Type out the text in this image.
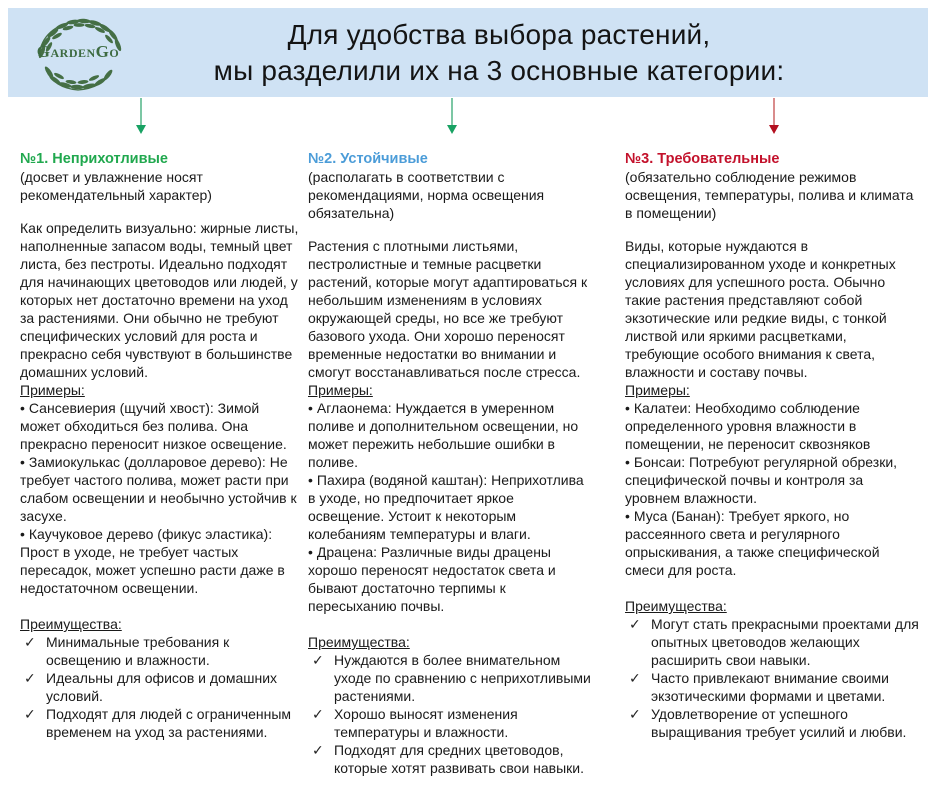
GardenGo
Для удобства выбора растений,
мы разделили их на 3 основные категории:
№1. Неприхотливые

(досвет и увлажнение носят рекомендательный характер)

Как определить визуально: жирные листы, наполненные запасом воды, темный цвет листа, без пестроты. Идеально подходят для начинающих цветоводов или людей, у которых нет достаточно времени на уход за растениями. Они обычно не требуют специфических условий для роста и прекрасно себя чувствуют в большинстве домашних условий.

Примеры:

• Сансевиерия (щучий хвост): Зимой может обходиться без полива. Она прекрасно переносит низкое освещение.

• Замиокулькас (долларовое дерево): Не требует частого полива, может расти при слабом освещении и необычно устойчив к засухе.

• Каучуковое дерево (фикус эластика): Прост в уходе, не требует частых пересадок, может успешно расти даже в недостаточном освещении.

Преимущества:

✓ Минимальные требования к освещению и влажности.
✓ Идеальны для офисов и домашних условий.
✓ Подходят для людей с ограниченным временем на уход за растениями.
№2. Устойчивые

(располагать в соответствии с рекомендациями, норма освещения обязательна)

Растения с плотными листьями, пестролистные и темные расцветки растений, которые могут адаптироваться к небольшим изменениям в условиях окружающей среды, но все же требуют базового ухода. Они хорошо переносят временные недостатки во внимании и смогут восстанавливаться после стресса.

Примеры:

• Аглаонема: Нуждается в умеренном поливе и дополнительном освещении, но может пережить небольшие ошибки в поливе.

• Пахира (водяной каштан): Неприхотлива в уходе, но предпочитает яркое освещение. Устоит к некоторым колебаниям температуры и влаги.

• Драцена: Различные виды драцены хорошо переносят недостаток света и бывают достаточно терпимы к пересыханию почвы.

Преимущества:

✓ Нуждаются в более внимательном уходе по сравнению с неприхотливыми растениями.
✓ Хорошо выносят изменения температуры и влажности.
✓ Подходят для средних цветоводов, которые хотят развивать свои навыки.
№3. Требовательные

(обязательно соблюдение режимов освещения, температуры, полива и климата в помещении)

Виды, которые нуждаются в специализированном уходе и конкретных условиях для успешного роста. Обычно такие растения представляют собой экзотические или редкие виды, с тонкой листвой или яркими расцветками, требующие особого внимания к света, влажности и составу почвы.

Примеры:

• Калатеи: Необходимо соблюдение определенного уровня влажности в помещении, не переносит сквозняков

• Бонсаи: Потребуют регулярной обрезки, специфической почвы и контроля за уровнем влажности.

• Муса (Банан): Требует яркого, но рассеянного света и регулярного опрыскивания, а также специфической смеси для роста.

Преимущества:

✓ Могут стать прекрасными проектами для опытных цветоводов желающих расширить свои навыки.
✓ Часто привлекают внимание своими экзотическими формами и цветами.
✓ Удовлетворение от успешного выращивания требует усилий и любви.
